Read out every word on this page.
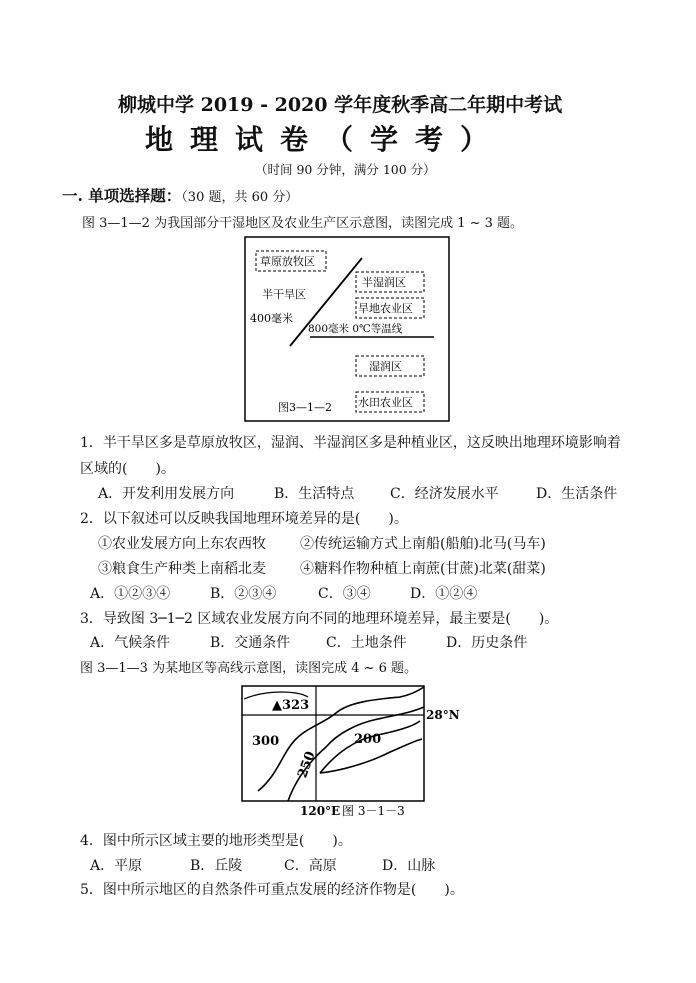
柳城中学 2019 - 2020 学年度秋季高二年期中考试
地理试卷（学考）
（时间 90 分钟，满分 100 分）
一. 单项选择题：（30 题，共 60 分）
图 3—1—2 为我国部分干湿地区及农业生产区示意图，读图完成 1 ~ 3 题。
草原放牧区
半湿润区
旱地农业区
湿润区
水田农业区
半干旱区
400毫米
800毫米 0℃等温线
图3—1—2
1．半干旱区多是草原放牧区，湿润、半湿润区多是种植业区，这反映出地理环境影响着
区域的(　　)。
A．开发利用发展方向	B．生活特点	C．经济发展水平	D．生活条件
2．以下叙述可以反映我国地理环境差异的是(　　)。
①农业发展方向上东农西牧 ②传统运输方式上南船(船舶)北马(马车)
③粮食生产种类上南稻北麦 ④糖料作物种植上南蔗(甘蔗)北菜(甜菜)
A．①②③④	B．②③④	C．③④	D．①②④
3．导致图 3─1─2 区域农业发展方向不同的地理环境差异，最主要是(　　)。
A．气候条件	B．交通条件	C．土地条件	D．历史条件
图 3—1—3 为某地区等高线示意图，读图完成 4 ~ 6 题。
▲323
300
250
200
28°N
120°E 图 3－1－3
4．图中所示区域主要的地形类型是(　　)。
A．平原	B．丘陵	C．高原	D．山脉
5．图中所示地区的自然条件可重点发展的经济作物是(　　)。
